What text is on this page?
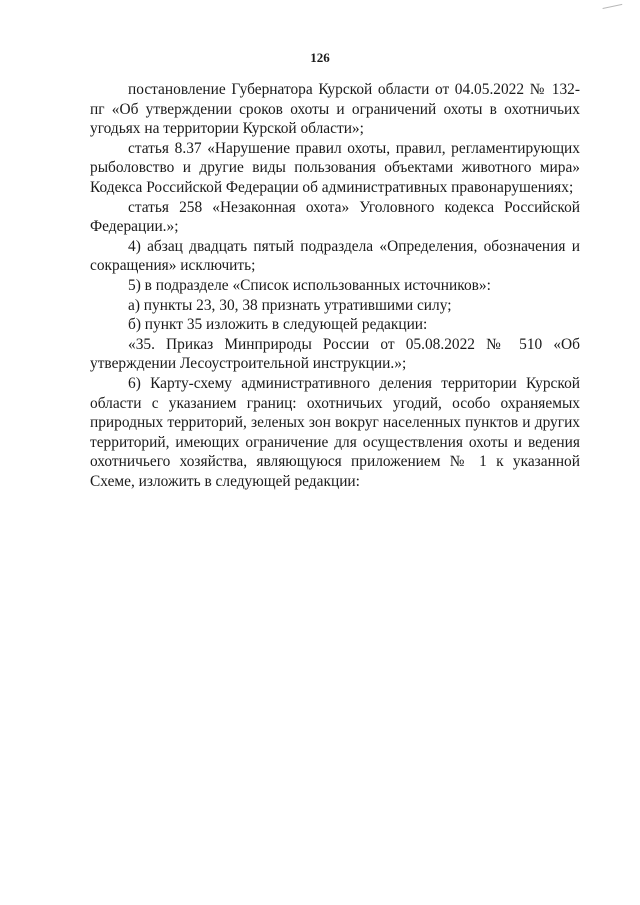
126

постановление Губернатора Курской области от 04.05.2022 № 132-пг «Об утверждении сроков охоты и ограничений охоты в охотничьих угодьях на территории Курской области»;

статья 8.37 «Нарушение правил охоты, правил, регламентирующих рыболовство и другие виды пользования объектами животного мира» Кодекса Российской Федерации об административных правонарушениях;

статья 258 «Незаконная охота» Уголовного кодекса Российской Федерации.»;

4) абзац двадцать пятый подраздела «Определения, обозначения и сокращения» исключить;

5) в подразделе «Список использованных источников»:

а) пункты 23, 30, 38 признать утратившими силу;

б) пункт 35 изложить в следующей редакции:

«35. Приказ Минприроды России от 05.08.2022 № 510 «Об утверждении Лесоустроительной инструкции.»;

6) Карту-схему административного деления территории Курской области с указанием границ: охотничьих угодий, особо охраняемых природных территорий, зеленых зон вокруг населенных пунктов и других территорий, имеющих ограничение для осуществления охоты и ведения охотничьего хозяйства, являющуюся приложением № 1 к указанной Схеме, изложить в следующей редакции:
